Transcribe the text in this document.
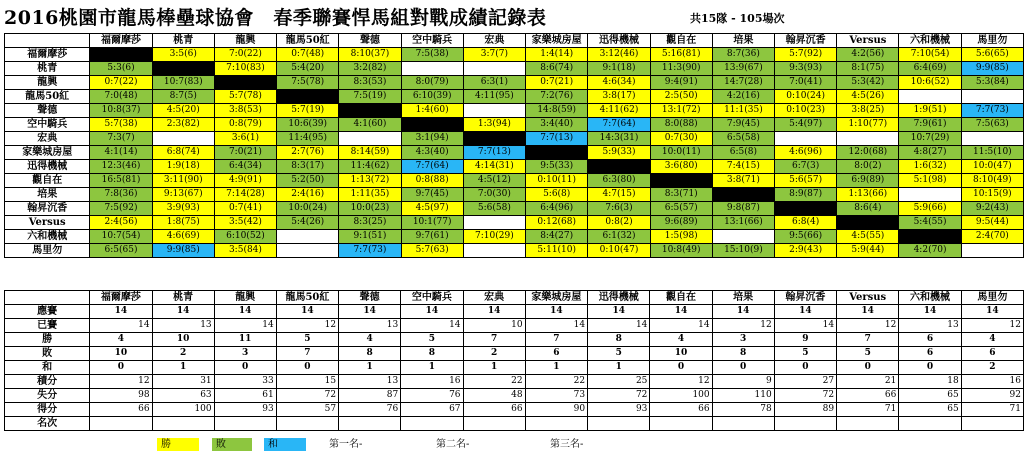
2016桃園市龍馬棒壘球協會　春季聯賽悍馬組對戰成績記錄表	共15隊 - 105場次
	福爾摩莎	桃青	龍興	龍馬50紅	聲德	空中騎兵	宏典	家樂城房屋	迅得機械	觀自在	培果	翰昇沉香	Versus	六和機械	馬里勿
福爾摩莎		3:5(6)	7:0(22)	0:7(48)	8:10(37)	7:5(38)	3:7(7)	1:4(14)	3:12(46)	5:16(81)	8:7(36)	5:7(92)	4:2(56)	7:10(54)	5:6(65)
桃青	5:3(6)		7:10(83)	5:4(20)	3:2(82)			8:6(74)	9:1(18)	11:3(90)	13:9(67)	9:3(93)	8:1(75)	6:4(69)	9:9(85)
龍興	0:7(22)	10:7(83)		7:5(78)	8:3(53)	8:0(79)	6:3(1)	0:7(21)	4:6(34)	9:4(91)	14:7(28)	7:0(41)	5:3(42)	10:6(52)	5:3(84)
龍馬50紅	7:0(48)	8:7(5)	5:7(78)		7:5(19)	6:10(39)	4:11(95)	7:2(76)	3:8(17)	2:5(50)	4:2(16)	0:10(24)	4:5(26)		
聲德	10:8(37)	4:5(20)	3:8(53)	5:7(19)		1:4(60)		14:8(59)	4:11(62)	13:1(72)	11:1(35)	0:10(23)	3:8(25)	1:9(51)	7:7(73)
空中騎兵	5:7(38)	2:3(82)	0:8(79)	10:6(39)	4:1(60)		1:3(94)	3:4(40)	7:7(64)	8:0(88)	7:9(45)	5:4(97)	1:10(77)	7:9(61)	7:5(63)
宏典	7:3(7)		3:6(1)	11:4(95)		3:1(94)		7:7(13)	14:3(31)	0:7(30)	6:5(58)			10:7(29)	
家樂城房屋	4:1(14)	6:8(74)	7:0(21)	2:7(76)	8:14(59)	4:3(40)	7:7(13)		5:9(33)	10:0(11)	6:5(8)	4:6(96)	12:0(68)	4:8(27)	11:5(10)
迅得機械	12:3(46)	1:9(18)	6:4(34)	8:3(17)	11:4(62)	7:7(64)	4:14(31)	9:5(33)		3:6(80)	7:4(15)	6:7(3)	8:0(2)	1:6(32)	10:0(47)
觀自在	16:5(81)	3:11(90)	4:9(91)	5:2(50)	1:13(72)	0:8(88)	4:5(12)	0:10(11)	6:3(80)		3:8(71)	5:6(57)	6:9(89)	5:1(98)	8:10(49)
培果	7:8(36)	9:13(67)	7:14(28)	2:4(16)	1:11(35)	9:7(45)	7:0(30)	5:6(8)	4:7(15)	8:3(71)		8:9(87)	1:13(66)		10:15(9)
翰昇沉香	7:5(92)	3:9(93)	0:7(41)	10:0(24)	10:0(23)	4:5(97)	5:6(58)	6:4(96)	7:6(3)	6:5(57)	9:8(87)		8:6(4)	5:9(66)	9:2(43)
Versus	2:4(56)	1:8(75)	3:5(42)	5:4(26)	8:3(25)	10:1(77)		0:12(68)	0:8(2)	9:6(89)	13:1(66)	6:8(4)		5:4(55)	9:5(44)
六和機械	10:7(54)	4:6(69)	6:10(52)		9:1(51)	9:7(61)	7:10(29)	8:4(27)	6:1(32)	1:5(98)		9:5(66)	4:5(55)		2:4(70)
馬里勿	6:5(65)	9:9(85)	3:5(84)		7:7(73)	5:7(63)		5:11(10)	0:10(47)	10:8(49)	15:10(9)	2:9(43)	5:9(44)	4:2(70)	
	福爾摩莎	桃青	龍興	龍馬50紅	聲德	空中騎兵	宏典	家樂城房屋	迅得機械	觀自在	培果	翰昇沉香	Versus	六和機械	馬里勿
應賽	14	14	14	14	14	14	14	14	14	14	14	14	14	14	14
已賽	14	13	14	12	13	14	10	14	14	14	12	14	12	13	12
勝	4	10	11	5	4	5	7	7	8	4	3	9	7	6	4
敗	10	2	3	7	8	8	2	6	5	10	8	5	5	6	6
和	0	1	0	0	1	1	1	1	1	0	0	0	0	0	2
積分	12	31	33	15	13	16	22	22	25	12	9	27	21	18	16
失分	98	63	61	72	87	76	48	73	72	100	110	72	66	65	92
得分	66	100	93	57	76	67	66	90	93	66	78	89	71	65	71
名次															
勝	敗	和	第一名-	第二名-	第三名-
